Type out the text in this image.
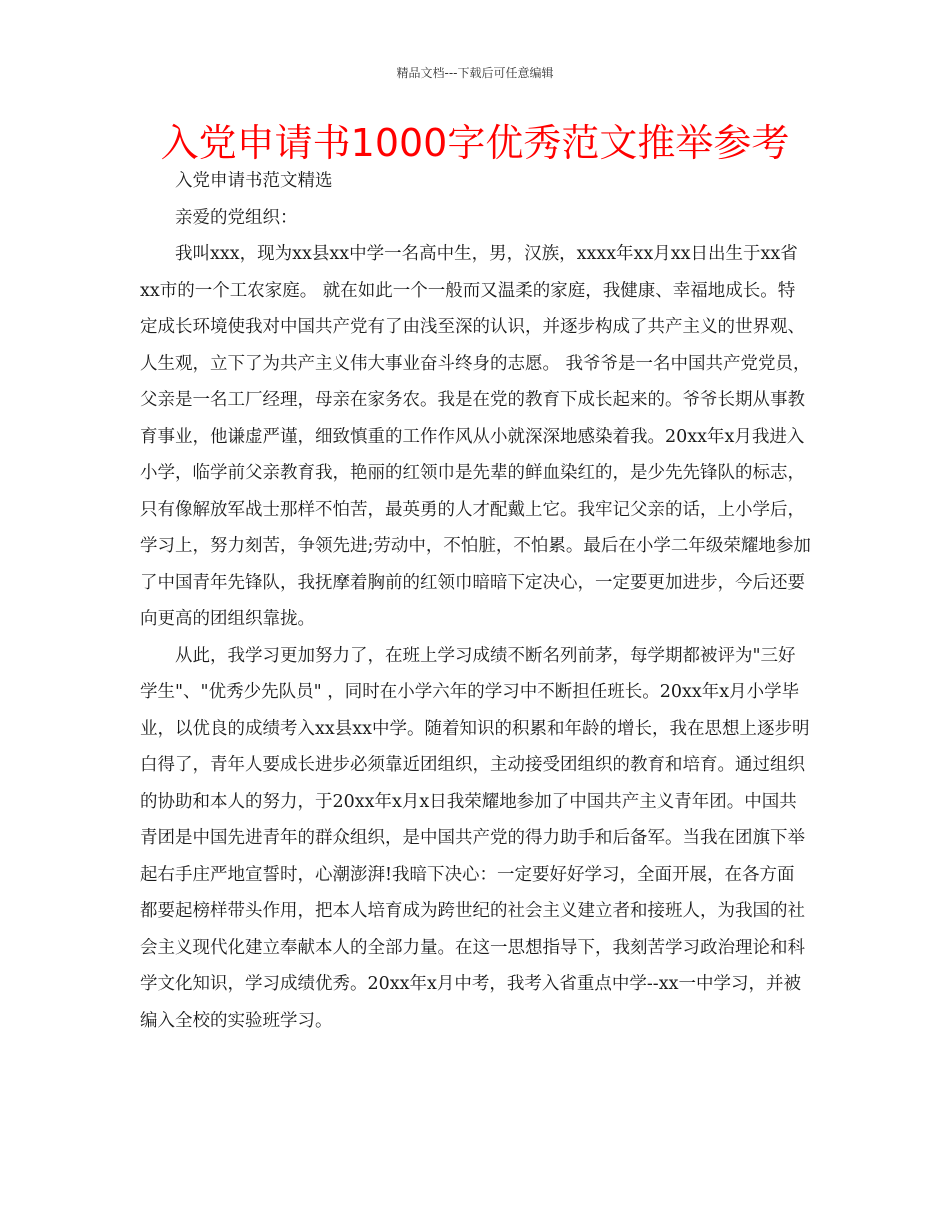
精品文档---下载后可任意编辑
入党申请书1000字优秀范文推举参考

入党申请书范文精选

亲爱的党组织：

我叫xxx，现为xx县xx中学一名高中生，男，汉族，xxxx年xx月xx日出生于xx省xx市的一个工农家庭。 就在如此一个一般而又温柔的家庭，我健康、幸福地成长。特定成长环境使我对中国共产党有了由浅至深的认识，并逐步构成了共产主义的世界观、人生观，立下了为共产主义伟大事业奋斗终身的志愿。 我爷爷是一名中国共产党党员，父亲是一名工厂经理，母亲在家务农。我是在党的教育下成长起来的。爷爷长期从事教育事业，他谦虚严谨，细致慎重的工作作风从小就深深地感染着我。20xx年x月我进入小学，临学前父亲教育我，艳丽的红领巾是先辈的鲜血染红的，是少先先锋队的标志，只有像解放军战士那样不怕苦，最英勇的人才配戴上它。我牢记父亲的话，上小学后，学习上，努力刻苦，争领先进;劳动中，不怕脏，不怕累。最后在小学二年级荣耀地参加了中国青年先锋队，我抚摩着胸前的红领巾暗暗下定决心，一定要更加进步，今后还要向更高的团组织靠拢。

从此，我学习更加努力了，在班上学习成绩不断名列前茅，每学期都被评为"三好学生"、"优秀少先队员" ，同时在小学六年的学习中不断担任班长。20xx年x月小学毕业，以优良的成绩考入xx县xx中学。随着知识的积累和年龄的增长，我在思想上逐步明白得了，青年人要成长进步必须靠近团组织，主动接受团组织的教育和培育。通过组织的协助和本人的努力，于20xx年x月x日我荣耀地参加了中国共产主义青年团。中国共青团是中国先进青年的群众组织，是中国共产党的得力助手和后备军。当我在团旗下举起右手庄严地宣誓时，心潮澎湃!我暗下决心：一定要好好学习，全面开展，在各方面都要起榜样带头作用，把本人培育成为跨世纪的社会主义建立者和接班人，为我国的社会主义现代化建立奉献本人的全部力量。在这一思想指导下，我刻苦学习政治理论和科学文化知识，学习成绩优秀。20xx年x月中考，我考入省重点中学--xx一中学习，并被编入全校的实验班学习。
